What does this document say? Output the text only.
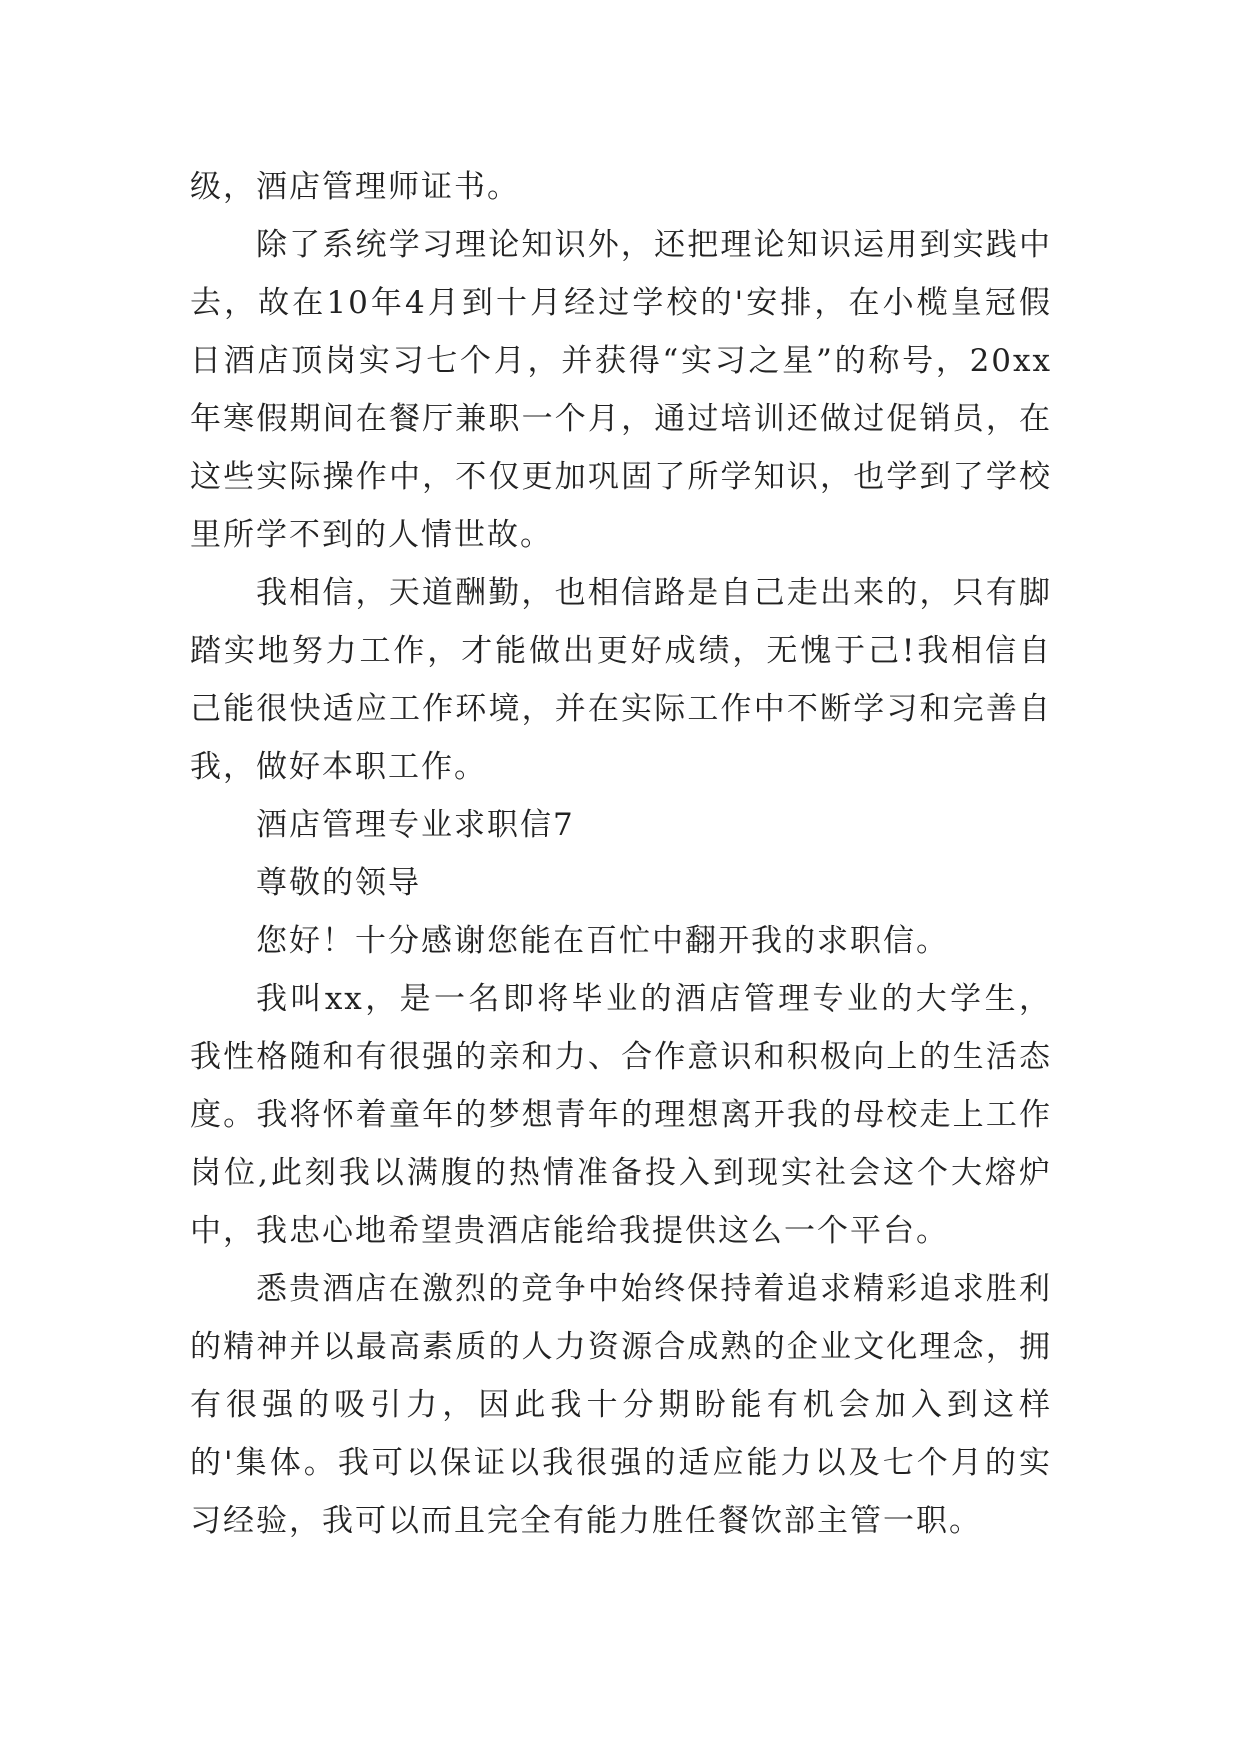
级，酒店管理师证书。

除了系统学习理论知识外，还把理论知识运用到实践中去，故在10年4月到十月经过学校的'安排，在小榄皇冠假日酒店顶岗实习七个月，并获得“实习之星”的称号，20xx年寒假期间在餐厅兼职一个月，通过培训还做过促销员，在这些实际操作中，不仅更加巩固了所学知识，也学到了学校里所学不到的人情世故。

我相信，天道酬勤，也相信路是自己走出来的，只有脚踏实地努力工作，才能做出更好成绩，无愧于己!我相信自己能很快适应工作环境，并在实际工作中不断学习和完善自我，做好本职工作。

酒店管理专业求职信7

尊敬的领导

您好！十分感谢您能在百忙中翻开我的求职信。

我叫xx，是一名即将毕业的酒店管理专业的大学生，我性格随和有很强的亲和力、合作意识和积极向上的生活态度。我将怀着童年的梦想青年的理想离开我的母校走上工作岗位,此刻我以满腹的热情准备投入到现实社会这个大熔炉中，我忠心地希望贵酒店能给我提供这么一个平台。

悉贵酒店在激烈的竞争中始终保持着追求精彩追求胜利的精神并以最高素质的人力资源合成熟的企业文化理念，拥有很强的吸引力，因此我十分期盼能有机会加入到这样的'集体。我可以保证以我很强的适应能力以及七个月的实习经验，我可以而且完全有能力胜任餐饮部主管一职。
